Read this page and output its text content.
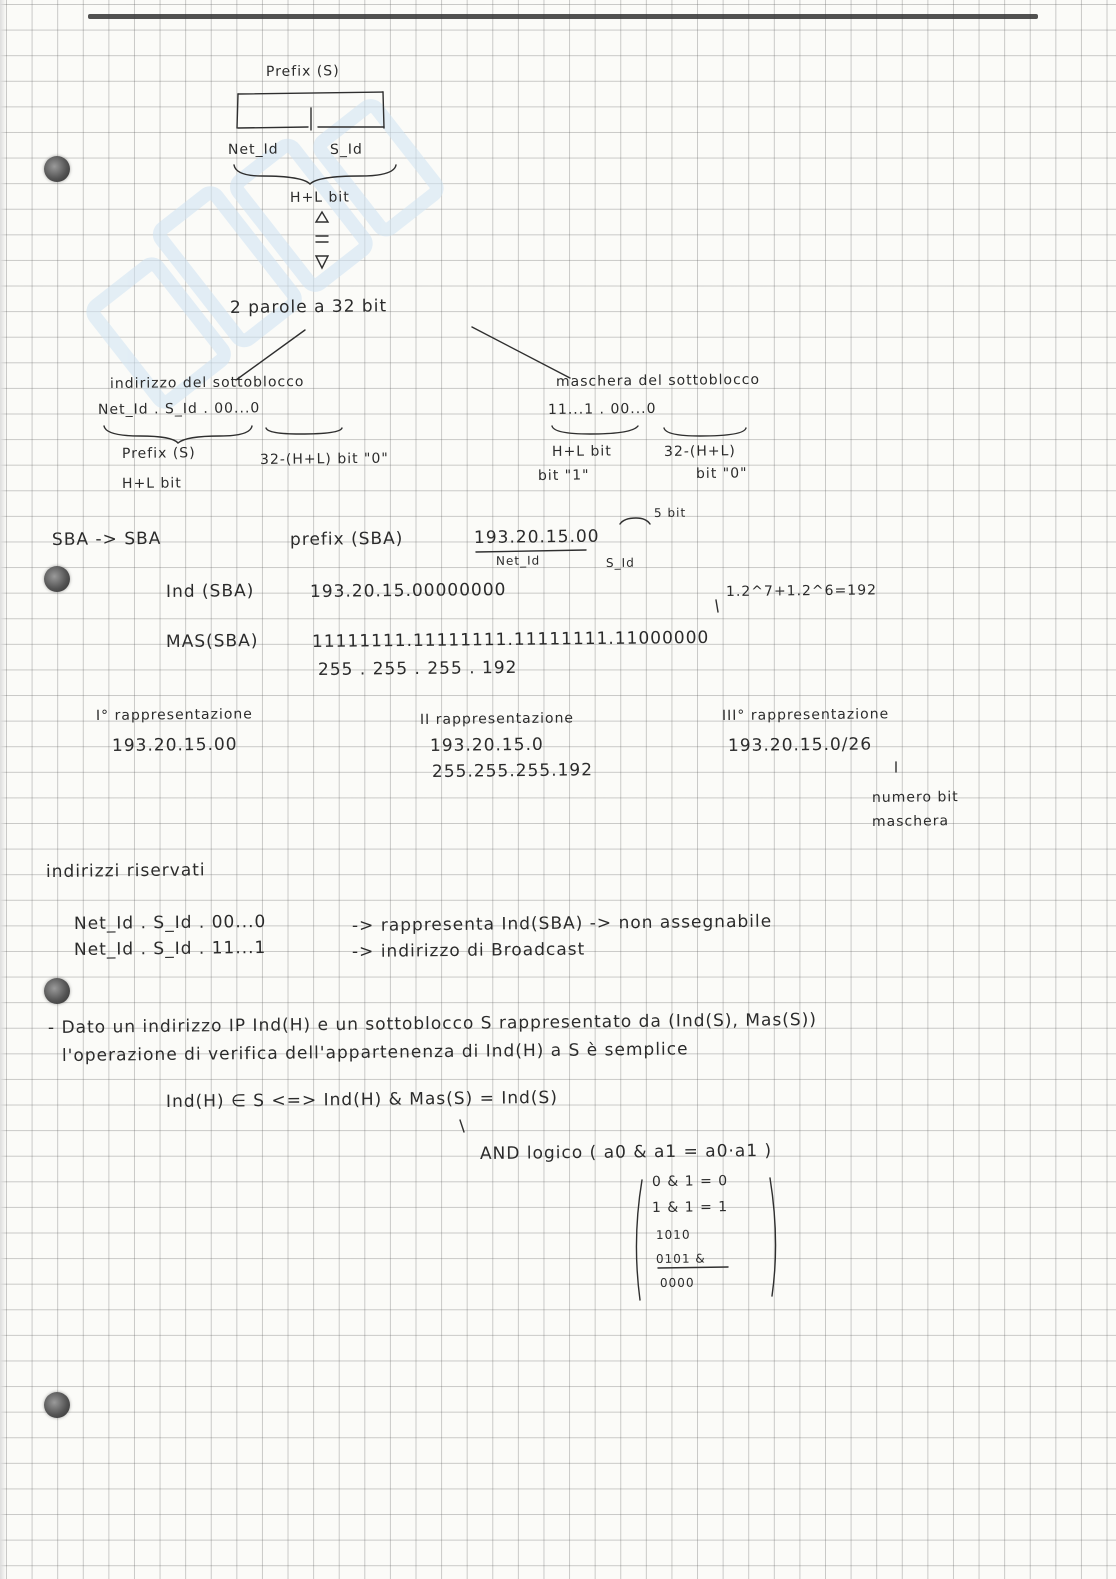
Prefix (S)
Net_Id	S_Id
H+L bit
2 parole a 32 bit
indirizzo del sottoblocco
Net_Id . S_Id . 00...0
Prefix (S)
H+L bit
32-(H+L) bit "0"
maschera del sottoblocco
11...1 . 00...0
H+L bit
bit "1"
32-(H+L)
bit "0"
SBA -> SBA	prefix (SBA)	193.20.15.00
5 bit
Net_Id	S_Id
Ind (SBA)	193.20.15.00000000	1.2^7+1.2^6=192
MAS(SBA)	11111111.11111111.11111111.11000000
255 . 255 . 255 . 192
I° rappresentazione
193.20.15.00
II rappresentazione
193.20.15.0
255.255.255.192
III° rappresentazione
193.20.15.0/26
numero bit
maschera
indirizzi riservati
Net_Id . S_Id . 00...0	-> rappresenta Ind(SBA) -> non assegnabile
Net_Id . S_Id . 11...1	-> indirizzo di Broadcast
- Dato un indirizzo IP Ind(H) e un sottoblocco S rappresentato da (Ind(S), Mas(S))
l'operazione di verifica dell'appartenenza di Ind(H) a S è semplice
Ind(H) ∈ S <=> Ind(H) & Mas(S) = Ind(S)
AND logico ( a0 & a1 = a0·a1 )
0 & 1 = 0
1 & 1 = 1
1010
0101 &
0000
